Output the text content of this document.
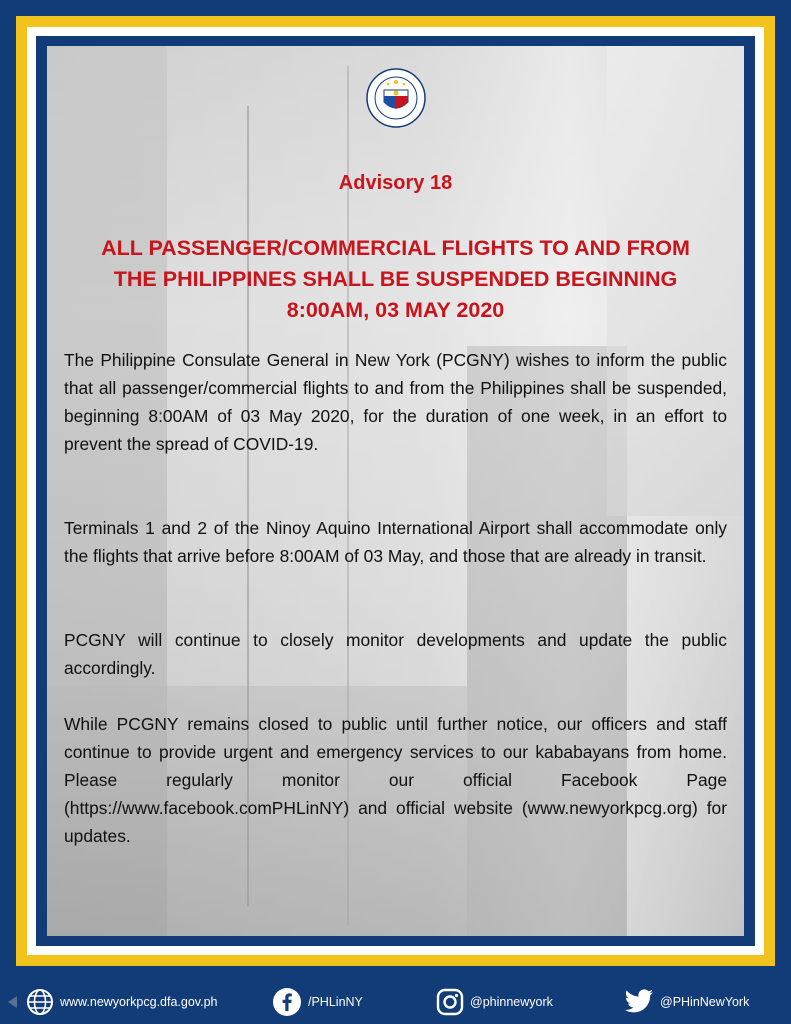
Advisory 18
ALL PASSENGER/COMMERCIAL FLIGHTS TO AND FROM THE PHILIPPINES SHALL BE SUSPENDED BEGINNING 8:00AM, 03 MAY 2020

The Philippine Consulate General in New York (PCGNY) wishes to inform the public that all passenger/commercial flights to and from the Philippines shall be suspended, beginning 8:00AM of 03 May 2020, for the duration of one week, in an effort to prevent the spread of COVID-19.

Terminals 1 and 2 of the Ninoy Aquino International Airport shall accommodate only the flights that arrive before 8:00AM of 03 May, and those that are already in transit.

PCGNY will continue to closely monitor developments and update the public accordingly.

While PCGNY remains closed to public until further notice, our officers and staff continue to provide urgent and emergency services to our kababayans from home. Please regularly monitor our official Facebook Page (https://www.facebook.comPHLinNY) and official website (www.newyorkpcg.org) for updates.

www.newyorkpcg.dfa.gov.ph	/PHLinNY	@phinnewyork	@PHinNewYork
